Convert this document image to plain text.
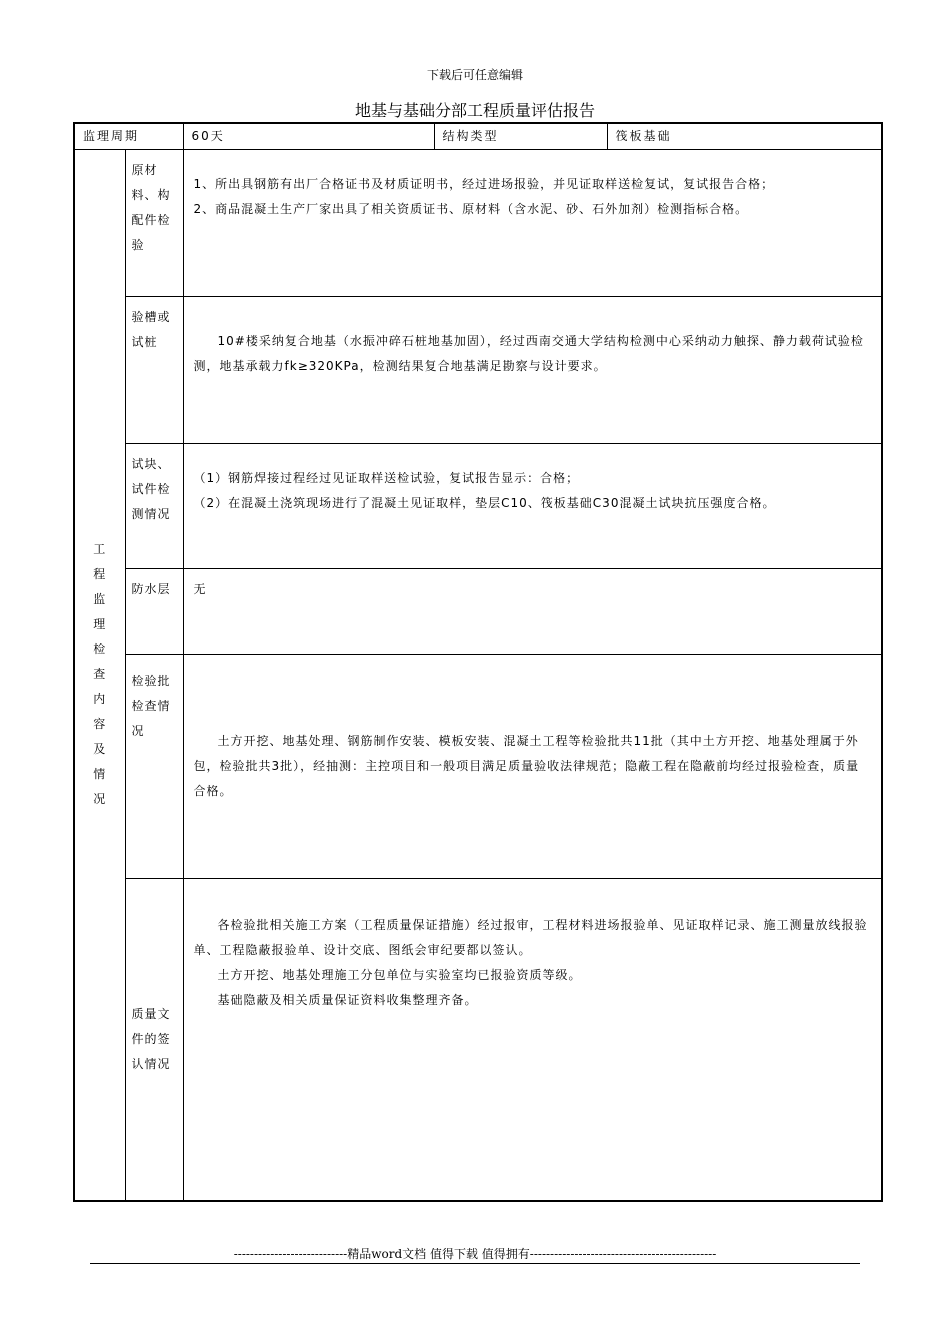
下载后可任意编辑
地基与基础分部工程质量评估报告
监理周期		60天	结构类型	筏板基础

工程监理检查内容及情况	原材料、构配件检验	1、所出具钢筋有出厂合格证书及材质证明书，经过进场报验，并见证取样送检复试，复试报告合格；

2、商品混凝土生产厂家出具了相关资质证书、原材料（含水泥、砂、石外加剂）检测指标合格。		

	验槽或试桩	10#楼采纳复合地基（水振冲碎石桩地基加固），经过西南交通大学结构检测中心采纳动力触探、静力载荷试验检测，地基承载力fk≥320KPa，检测结果复合地基满足勘察与设计要求。		

	试块、试件检测情况	（1）钢筋焊接过程经过见证取样送检试验，复试报告显示：合格；

（2）在混凝土浇筑现场进行了混凝土见证取样，垫层C10、筏板基础C30混凝土试块抗压强度合格。		

	防水层	无		

	检验批检查情况	土方开挖、地基处理、钢筋制作安装、模板安装、混凝土工程等检验批共11批（其中土方开挖、地基处理属于外包，检验批共3批），经抽测：主控项目和一般项目满足质量验收法律规范；隐蔽工程在隐蔽前均经过报验检查，质量合格。		

	质量文件的签认情况	各检验批相关施工方案（工程质量保证措施）经过报审，工程材料进场报验单、见证取样记录、施工测量放线报验单、工程隐蔽报验单、设计交底、图纸会审纪要都以签认。

土方开挖、地基处理施工分包单位与实验室均已报验资质等级。

基础隐蔽及相关质量保证资料收集整理齐备。		

----------------------------精品word文档 值得下载 值得拥有----------------------------------------------
